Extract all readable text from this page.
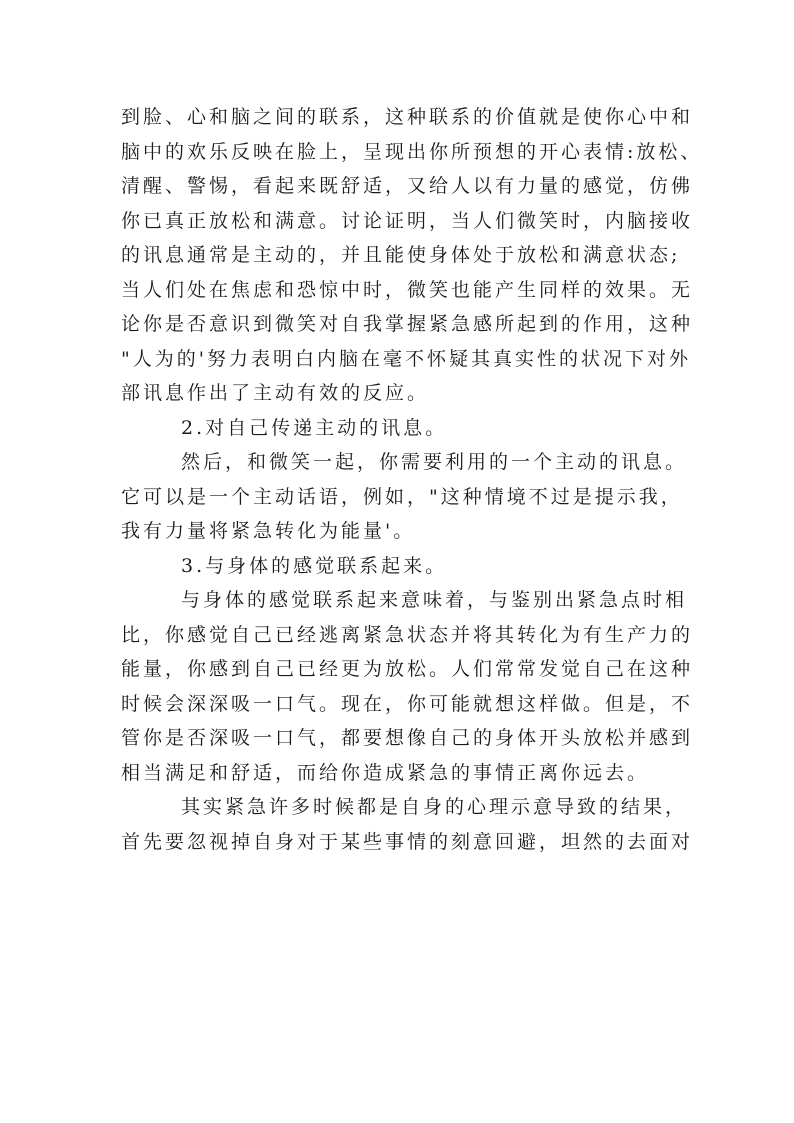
到脸、心和脑之间的联系，这种联系的价值就是使你心中和
脑中的欢乐反映在脸上，呈现出你所预想的开心表情:放松、
清醒、警惕，看起来既舒适，又给人以有力量的感觉，仿佛
你已真正放松和满意。讨论证明，当人们微笑时，内脑接收
的讯息通常是主动的，并且能使身体处于放松和满意状态;
当人们处在焦虑和恐惊中时，微笑也能产生同样的效果。无
论你是否意识到微笑对自我掌握紧急感所起到的作用，这种
"人为的'努力表明白内脑在毫不怀疑其真实性的状况下对外
部讯息作出了主动有效的反应。
2.对自己传递主动的讯息。
然后，和微笑一起，你需要利用的一个主动的讯息。
它可以是一个主动话语，例如，"这种情境不过是提示我，
我有力量将紧急转化为能量'。
3.与身体的感觉联系起来。
与身体的感觉联系起来意味着，与鉴别出紧急点时相
比，你感觉自己已经逃离紧急状态并将其转化为有生产力的
能量，你感到自己已经更为放松。人们常常发觉自己在这种
时候会深深吸一口气。现在，你可能就想这样做。但是，不
管你是否深吸一口气，都要想像自己的身体开头放松并感到
相当满足和舒适，而给你造成紧急的事情正离你远去。
其实紧急许多时候都是自身的心理示意导致的结果，
首先要忽视掉自身对于某些事情的刻意回避，坦然的去面对
